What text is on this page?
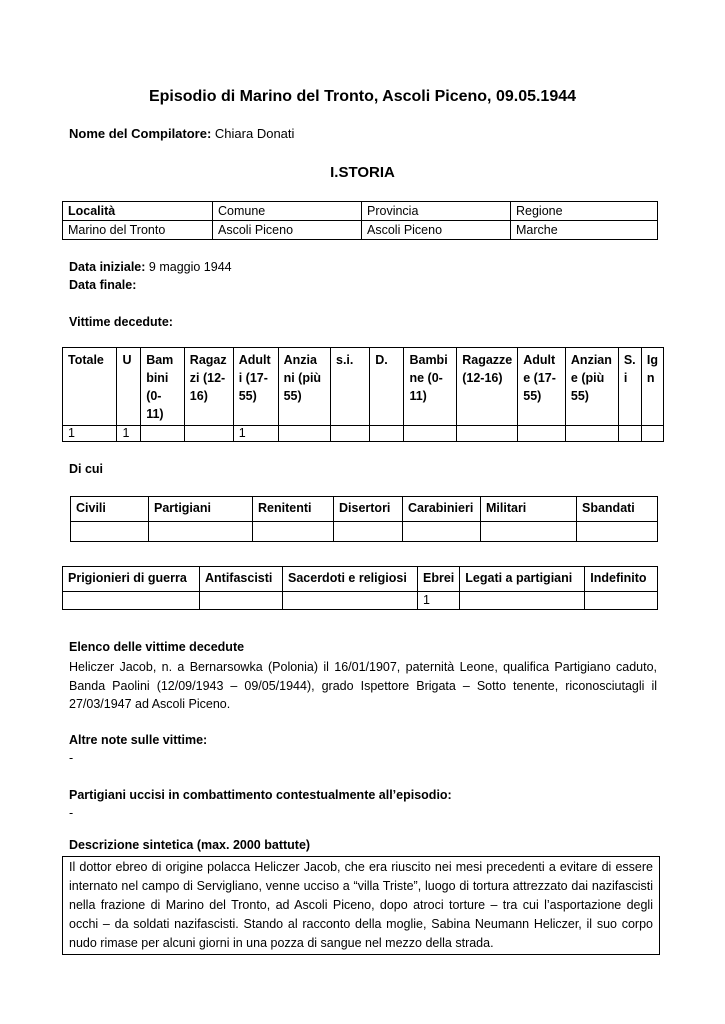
Episodio di Marino del Tronto, Ascoli Piceno, 09.05.1944
Nome del Compilatore: Chiara Donati
I.STORIA
Località	Comune	Provincia	Regione
Marino del Tronto	Ascoli Piceno	Ascoli Piceno	Marche
Data iniziale: 9 maggio 1944
Data finale:
Vittime decedute:
Totale	U	Bam bini (0- 11)	Ragaz zi (12- 16)	Adult i (17- 55)	Anzia ni (più 55)	s.i.	D.	Bambi ne (0- 11)	Ragazze (12-16)	Adult e (17- 55)	Anzian e (più 55)	S. i	Ig n
1	1			1									
Di cui
Civili	Partigiani	Renitenti	Disertori	Carabinieri	Militari	Sbandati

Prigionieri di guerra	Antifascisti	Sacerdoti e religiosi	Ebrei	Legati a partigiani	Indefinito
			1		
Elenco delle vittime decedute
Heliczer Jacob, n. a Bernarsowka (Polonia) il 16/01/1907, paternità Leone, qualifica Partigiano caduto, Banda Paolini (12/09/1943 – 09/05/1944), grado Ispettore Brigata – Sotto tenente, riconosciutagli il 27/03/1947 ad Ascoli Piceno.
Altre note sulle vittime:
-
Partigiani uccisi in combattimento contestualmente all’episodio:
-
Descrizione sintetica (max. 2000 battute)
Il dottor ebreo di origine polacca Heliczer Jacob, che era riuscito nei mesi precedenti a evitare di essere internato nel campo di Servigliano, venne ucciso a “villa Triste”, luogo di tortura attrezzato dai nazifascisti nella frazione di Marino del Tronto, ad Ascoli Piceno, dopo atroci torture – tra cui l’asportazione degli occhi – da soldati nazifascisti. Stando al racconto della moglie, Sabina Neumann Heliczer, il suo corpo nudo rimase per alcuni giorni in una pozza di sangue nel mezzo della strada.
